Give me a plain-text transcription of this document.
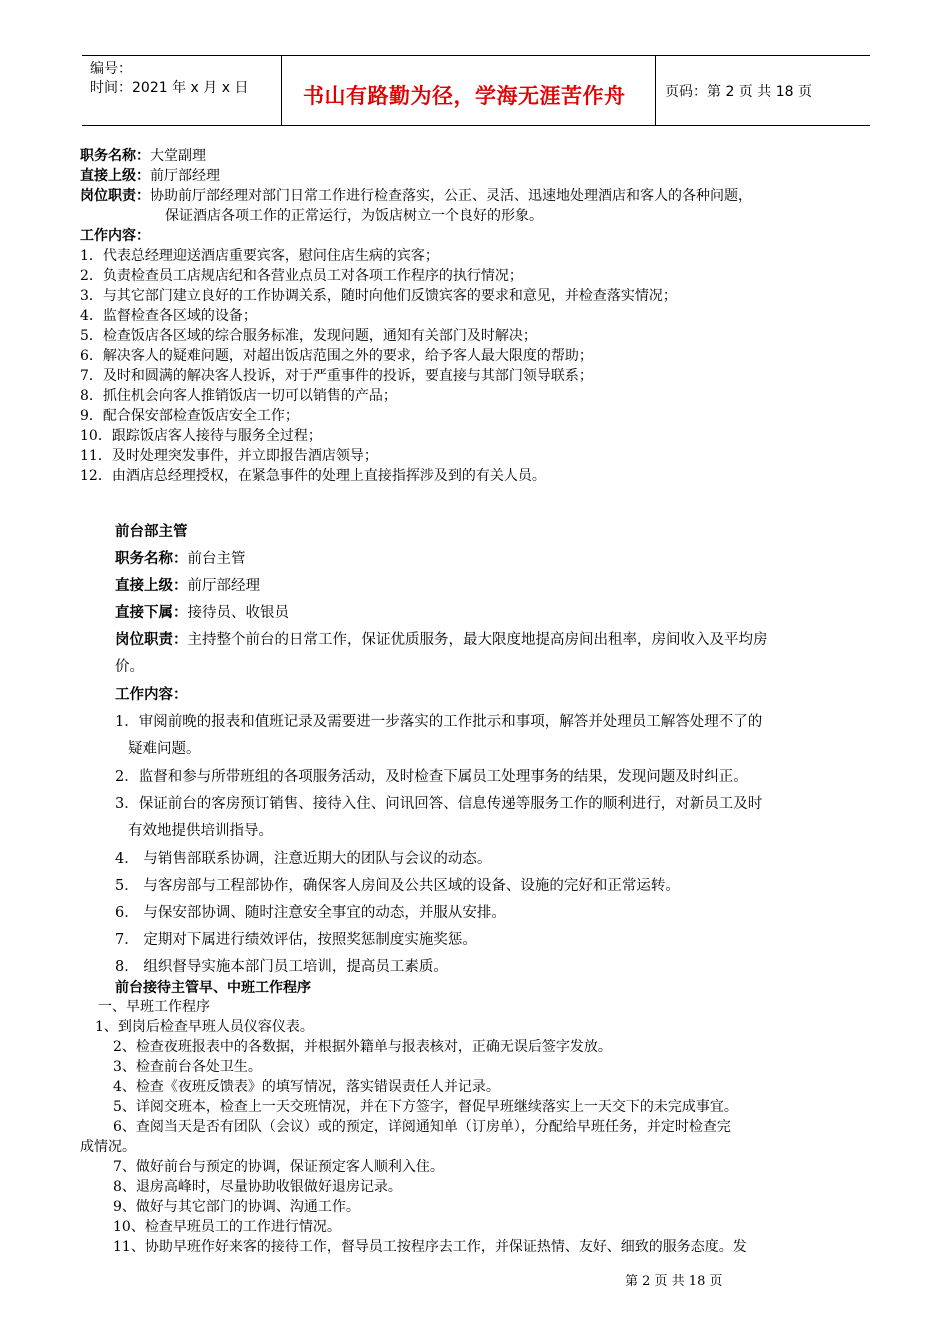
编号：
时间：2021 年 x 月 x 日	书山有路勤为径，学海无涯苦作舟	页码：第 2 页 共 18 页
职务名称：大堂副理
直接上级：前厅部经理
岗位职责：协助前厅部经理对部门日常工作进行检查落实，公正、灵活、迅速地处理酒店和客人的各种问题，
保证酒店各项工作的正常运行，为饭店树立一个良好的形象。
工作内容：
1．代表总经理迎送酒店重要宾客，慰问住店生病的宾客；
2．负责检查员工店规店纪和各营业点员工对各项工作程序的执行情况；
3．与其它部门建立良好的工作协调关系，随时向他们反馈宾客的要求和意见，并检查落实情况；
4．监督检查各区域的设备；
5．检查饭店各区域的综合服务标准，发现问题，通知有关部门及时解决；
6．解决客人的疑难问题，对超出饭店范围之外的要求，给予客人最大限度的帮助；
7．及时和圆满的解决客人投诉，对于严重事件的投诉，要直接与其部门领导联系；
8．抓住机会向客人推销饭店一切可以销售的产品；
9．配合保安部检查饭店安全工作；
10．跟踪饭店客人接待与服务全过程；
11．及时处理突发事件，并立即报告酒店领导；
12．由酒店总经理授权，在紧急事件的处理上直接指挥涉及到的有关人员。
前台部主管
职务名称：前台主管
直接上级：前厅部经理
直接下属：接待员、收银员
岗位职责：主持整个前台的日常工作，保证优质服务，最大限度地提高房间出租率，房间收入及平均房
价。
工作内容：
1．审阅前晚的报表和值班记录及需要进一步落实的工作批示和事项，解答并处理员工解答处理不了的
疑难问题。
2．监督和参与所带班组的各项服务活动，及时检查下属员工处理事务的结果，发现问题及时纠正。
3．保证前台的客房预订销售、接待入住、问讯回答、信息传递等服务工作的顺利进行，对新员工及时
有效地提供培训指导。
4． 与销售部联系协调，注意近期大的团队与会议的动态。
5． 与客房部与工程部协作，确保客人房间及公共区域的设备、设施的完好和正常运转。
6． 与保安部协调、随时注意安全事宜的动态，并服从安排。
7． 定期对下属进行绩效评估，按照奖惩制度实施奖惩。
8． 组织督导实施本部门员工培训，提高员工素质。
前台接待主管早、中班工作程序
一、早班工作程序
1、到岗后检查早班人员仪容仪表。
2、检查夜班报表中的各数据，并根据外籍单与报表核对，正确无误后签字发放。
3、检查前台各处卫生。
4、检查《夜班反馈表》的填写情况，落实错误责任人并记录。
5、详阅交班本，检查上一天交班情况，并在下方签字，督促早班继续落实上一天交下的未完成事宜。
6、查阅当天是否有团队（会议）或的预定，详阅通知单（订房单），分配给早班任务，并定时检查完
成情况。
7、做好前台与预定的协调，保证预定客人顺利入住。
8、退房高峰时，尽量协助收银做好退房记录。
9、做好与其它部门的协调、沟通工作。
10、检查早班员工的工作进行情况。
11、协助早班作好来客的接待工作，督导员工按程序去工作，并保证热情、友好、细致的服务态度。发
第 2 页 共 18 页
